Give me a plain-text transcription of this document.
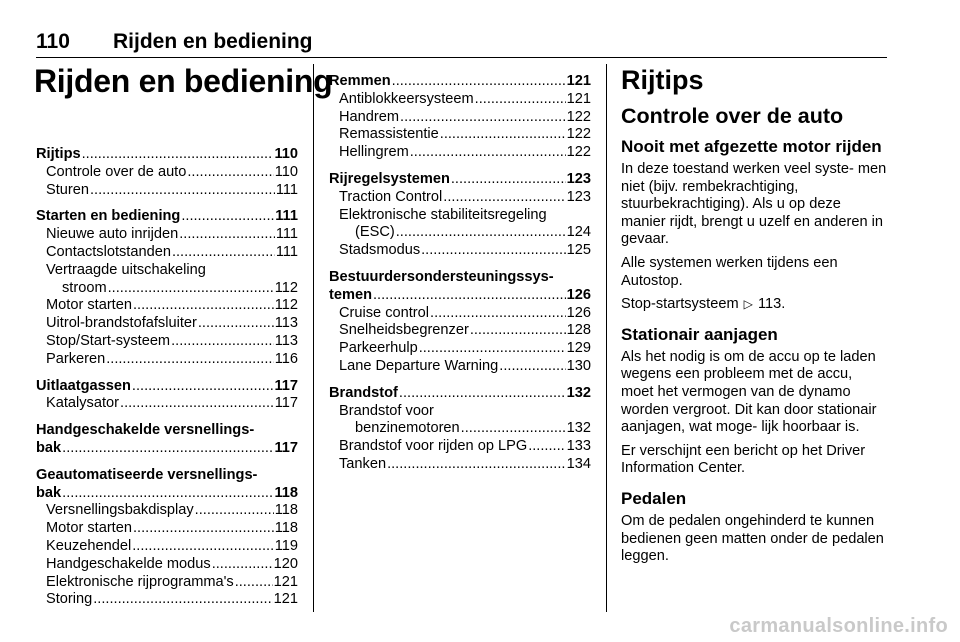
110 Rijden en bediening
Rijden en bediening
Rijtips .....	110
Controle over de auto .....	110
Sturen .....	111
Starten en bediening .....	111
Nieuwe auto inrijden .....	111
Contactslotstanden .....	111
Vertraagde uitschakeling
stroom .....	112
Motor starten .....	112
Uitrol-brandstofafsluiter .....	113
Stop/Start-systeem .....	113
Parkeren .....	116
Uitlaatgassen .....	117
Katalysator .....	117
Handgeschakelde versnellings-
bak .....	117
Geautomatiseerde versnellings-
bak .....	118
Versnellingsbakdisplay .....	118
Motor starten .....	118
Keuzehendel .....	119
Handgeschakelde modus .....	120
Elektronische rijprogramma's .....	121
Storing .....	121
Remmen .....	121
Antiblokkeersysteem .....	121
Handrem .....	122
Remassistentie .....	122
Hellingrem .....	122
Rijregelsystemen .....	123
Traction Control .....	123
Elektronische stabiliteitsregeling
(ESC) .....	124
Stadsmodus .....	125
Bestuurdersondersteuningssys-
temen .....	126
Cruise control .....	126
Snelheidsbegrenzer .....	128
Parkeerhulp .....	129
Lane Departure Warning .....	130
Brandstof .....	132
Brandstof voor
benzinemotoren .....	132
Brandstof voor rijden op LPG .....	133
Tanken .....	134
Rijtips
Controle over de auto
Nooit met afgezette motor rijden

In deze toestand werken veel syste- men niet (bijv. rembekrachtiging, stuurbekrachtiging). Als u op deze manier rijdt, brengt u uzelf en anderen in gevaar.

Alle systemen werken tijdens een Autostop.

Stop-startsysteem ▷ 113.

Stationair aanjagen

Als het nodig is om de accu op te laden wegens een probleem met de accu, moet het vermogen van de dynamo worden vergroot. Dit kan door stationair aanjagen, wat moge- lijk hoorbaar is.

Er verschijnt een bericht op het Driver Information Center.

Pedalen

Om de pedalen ongehinderd te kunnen bedienen geen matten onder de pedalen leggen.

carmanualsonline.info
